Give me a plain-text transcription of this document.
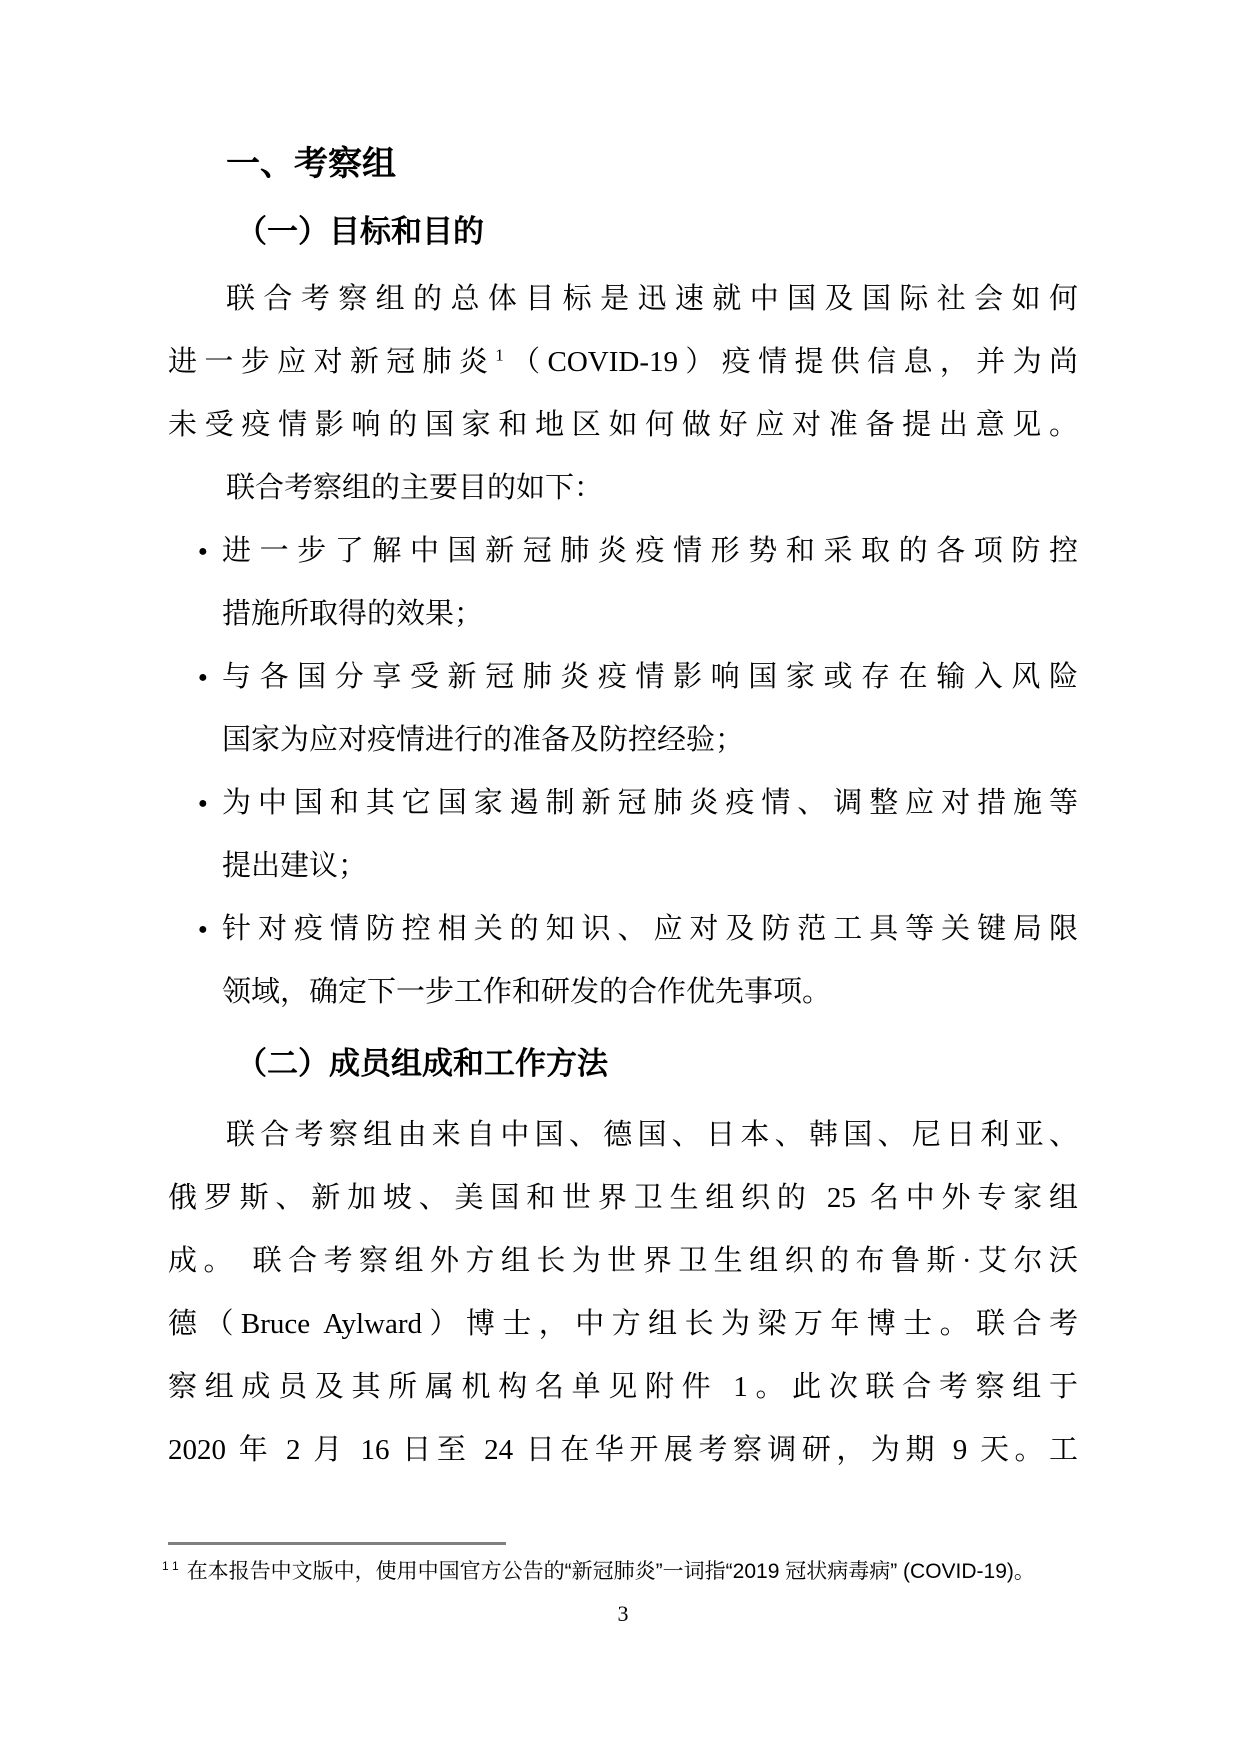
一、考察组
（一）目标和目的
联合考察组的总体目标是迅速就中国及国际社会如何
进一步应对新冠肺炎$^1$（COVID-19）疫情提供信息，并为尚
未受疫情影响的国家和地区如何做好应对准备提出意见。
联合考察组的主要目的如下：
● 进一步了解中国新冠肺炎疫情形势和采取的各项防控
措施所取得的效果；
● 与各国分享受新冠肺炎疫情影响国家或存在输入风险
国家为应对疫情进行的准备及防控经验；
● 为中国和其它国家遏制新冠肺炎疫情、调整应对措施等
提出建议；
● 针对疫情防控相关的知识、应对及防范工具等关键局限
领域，确定下一步工作和研发的合作优先事项。
（二）成员组成和工作方法
联合考察组由来自中国、德国、日本、韩国、尼日利亚、
俄罗斯、新加坡、美国和世界卫生组织的 25 名中外专家组
成。 联合考察组外方组长为世界卫生组织的布鲁斯·艾尔沃
德（Bruce Aylward）博士，中方组长为梁万年博士。联合考
察组成员及其所属机构名单见附件 1。此次联合考察组于
2020 年 2 月 16 日至 24 日在华开展考察调研，为期 9 天。工
$^{1 1}$ 在本报告中文版中，使用中国官方公告的“新冠肺炎”一词指“2019 冠状病毒病” (COVID-19)。
3
